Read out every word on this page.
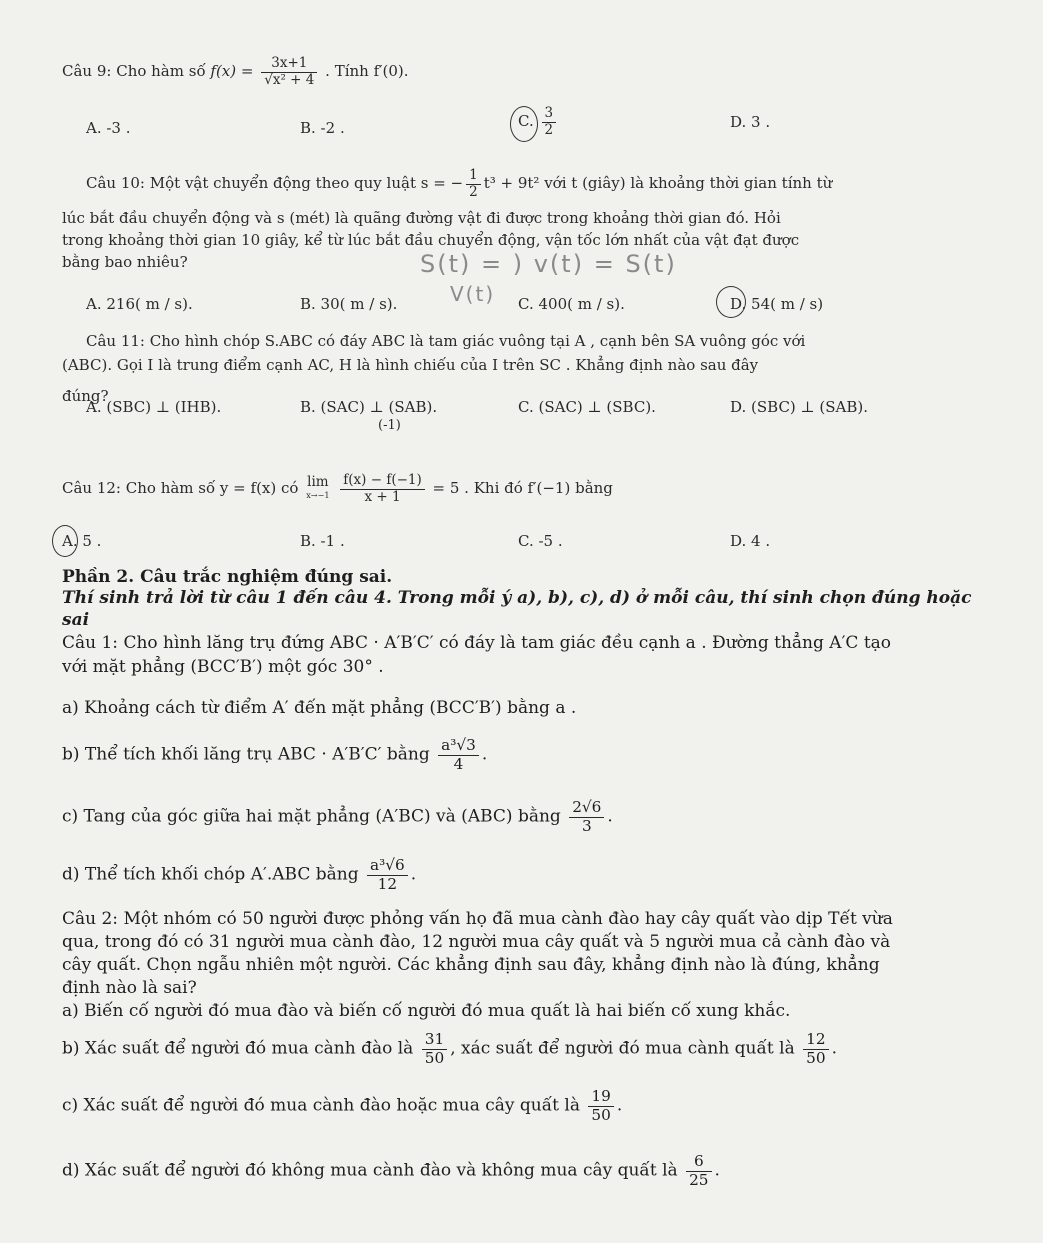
Câu 9: Cho hàm số $f(x) = \frac{3x+1}{\text{√x² + 4}}$ . Tính f′(0).
A. -3 .	B. -2 .	C. $\frac{3}{2}$	D. 3 .
Câu 10: Một vật chuyển động theo quy luật s = − $\frac{1}{2} t^3 + 9t^2$ với t (giây) là khoảng thời gian tính từ
lúc bắt đầu chuyển động và s (mét) là quãng đường vật đi được trong khoảng thời gian đó. Hỏi
trong khoảng thời gian 10 giây, kể từ lúc bắt đầu chuyển động, vận tốc lớn nhất của vật đạt được
bằng bao nhiêu?	S(t) = ) v(t) = S(t)
V(t)
A. 216( m / s).	B. 30( m / s).	C. 400( m / s).	D. 54( m / s)
Câu 11: Cho hình chóp S.ABC có đáy ABC là tam giác vuông tại A , cạnh bên SA vuông góc với
(ABC). Gọi I là trung điểm cạnh AC, H là hình chiếu của I trên SC . Khẳng định nào sau đây
đúng?
A. (SBC) ⊥ (IHB).	B. (SAC) ⊥ (SAB).
(-1)
C. (SAC) ⊥ (SBC).	D. (SBC) ⊥ (SAB).
Câu 12: Cho hàm số y = f(x) có lim
x→−1
$\frac{f(x) - f(-1)}{x + 1} = 5$ . Khi đó f′(−1) bằng
A. 5 .	B. -1 .	C. -5 .	D. 4 .
Phần 2. Câu trắc nghiệm đúng sai.
Thí sinh trả lời từ câu 1 đến câu 4. Trong mỗi ý a), b), c), d) ở mỗi câu, thí sinh chọn đúng hoặc
sai
Câu 1: Cho hình lăng trụ đứng ABC · A′B′C′ có đáy là tam giác đều cạnh a . Đường thẳng A′C tạo
với mặt phẳng (BCC′B′) một góc 30° .
a) Khoảng cách từ điểm A′ đến mặt phẳng (BCC′B′) bằng a .
b) Thể tích khối lăng trụ ABC · A′B′C′ bằng $\frac{\text{a³√3}}{4}$ .
c) Tang của góc giữa hai mặt phẳng (A′BC) và (ABC) bằng $\frac{2√6}{3}$ .
d) Thể tích khối chóp A′.ABC bằng $\frac{\text{a³√6}}{12}$ .
Câu 2: Một nhóm có 50 người được phỏng vấn họ đã mua cành đào hay cây quất vào dịp Tết vừa
qua, trong đó có 31 người mua cành đào, 12 người mua cây quất và 5 người mua cả cành đào và
cây quất. Chọn ngẫu nhiên một người. Các khẳng định sau đây, khẳng định nào là đúng, khẳng
định nào là sai?
a) Biến cố người đó mua đào và biến cố người đó mua quất là hai biến cố xung khắc.
b) Xác suất để người đó mua cành đào là $\frac{31}{50}$ , xác suất để người đó mua cành quất là $\frac{12}{50}$ .
c) Xác suất để người đó mua cành đào hoặc mua cây quất là $\frac{19}{50}$ .
d) Xác suất để người đó không mua cành đào và không mua cây quất là $\frac{6}{25}$ .
